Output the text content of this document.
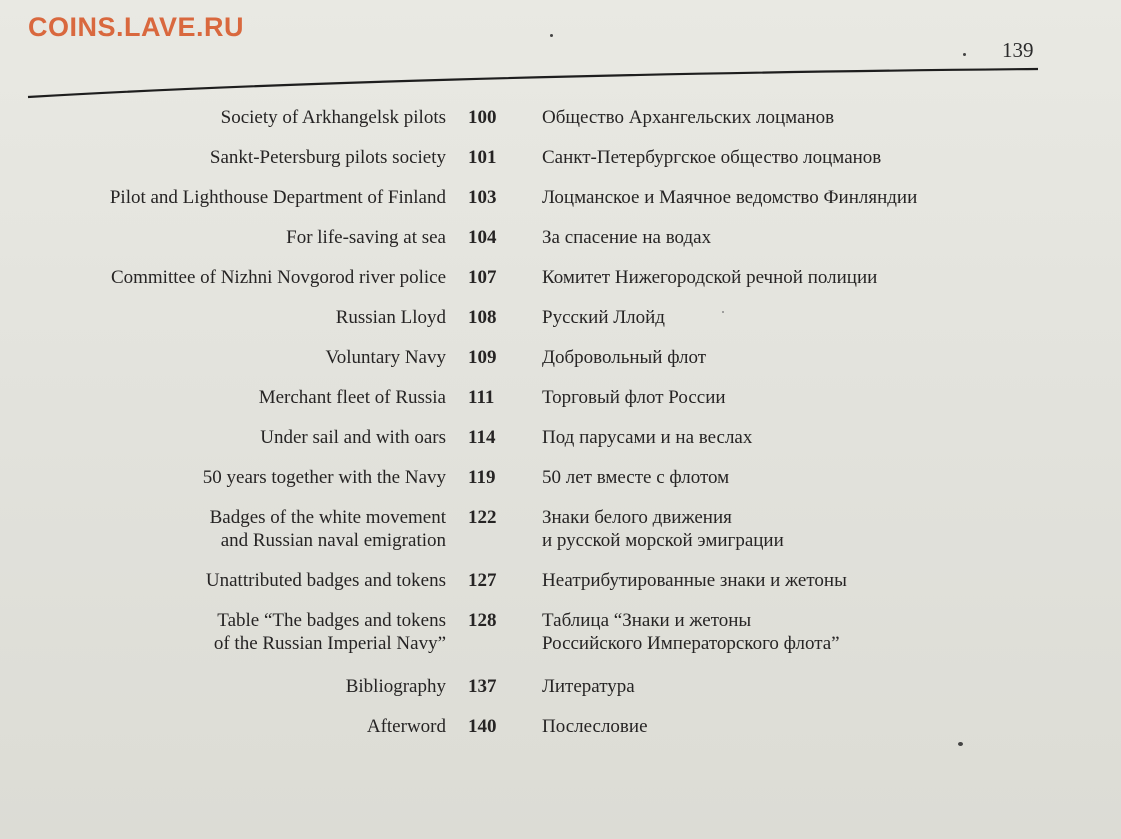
COINS.LAVE.RU
139
Society of Arkhangelsk pilots 100	Общество Архангельских лоцманов
Sankt-Petersburg pilots society 101	Санкт-Петербургское общество лоцманов
Pilot and Lighthouse Department of Finland 103	Лоцманское и Маячное ведомство Финляндии
For life-saving at sea 104	За спасение на водах
Committee of Nizhni Novgorod river police 107	Комитет Нижегородской речной полиции
Russian Lloyd 108	Русский Ллойд
Voluntary Navy 109	Добровольный флот
Merchant fleet of Russia 111	Торговый флот России
Under sail and with oars 114	Под парусами и на веслах
50 years together with the Navy 119	50 лет вместе с флотом
Badges of the white movement
and Russian naval emigration
122	Знаки белого движения
и русской морской эмиграции
Unattributed badges and tokens 127	Неатрибутированные знаки и жетоны
Table “The badges and tokens
of the Russian Imperial Navy”
128	Таблица “Знаки и жетоны
Российского Императорского флота”
Bibliography 137	Литература
Afterword 140	Послесловие
